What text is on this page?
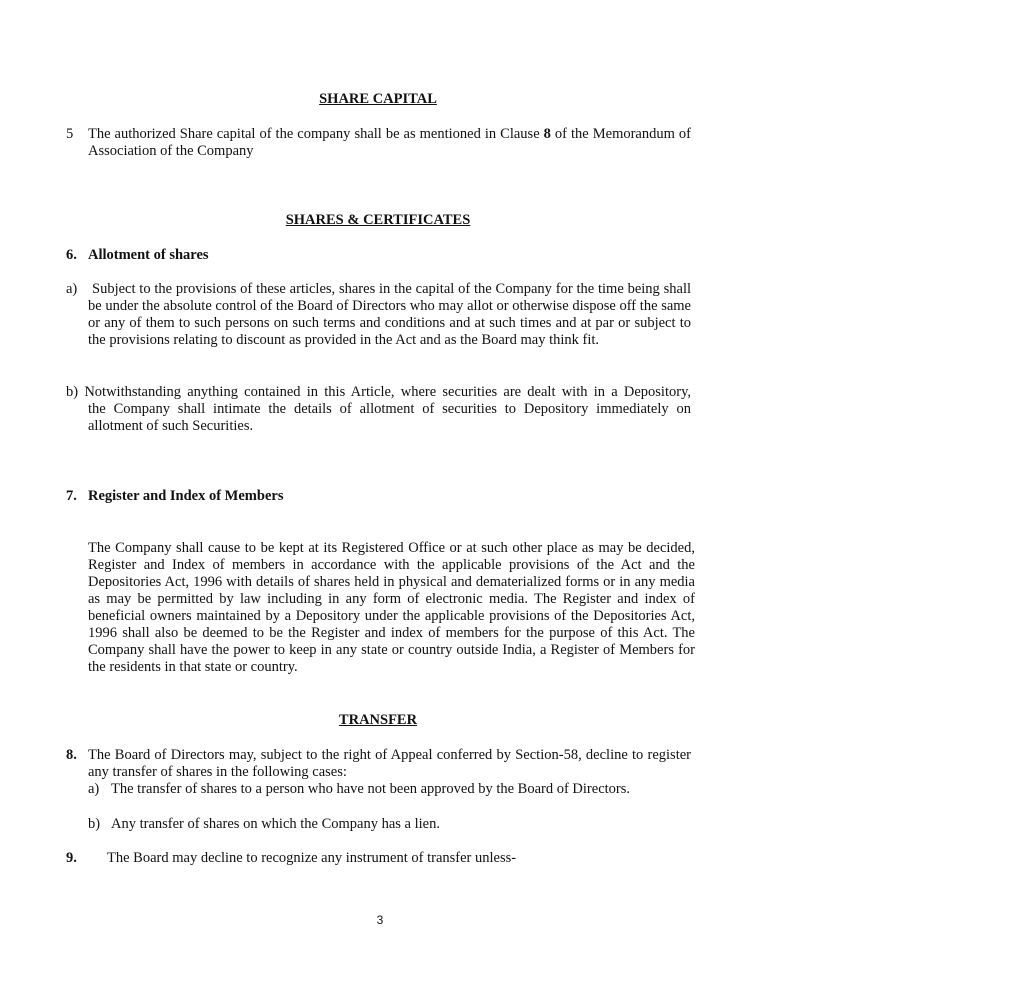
SHARE CAPITAL
5 The authorized Share capital of the company shall be as mentioned in Clause 8 of the Memorandum of Association of the Company
SHARES & CERTIFICATES
6. Allotment of shares
a) Subject to the provisions of these articles, shares in the capital of the Company for the time being shall be under the absolute control of the Board of Directors who may allot or otherwise dispose off the same or any of them to such persons on such terms and conditions and at such times and at par or subject to the provisions relating to discount as provided in the Act and as the Board may think fit.
b) Notwithstanding anything contained in this Article, where securities are dealt with in a Depository,
the Company shall intimate the details of allotment of securities to Depository immediately on allotment of such Securities.
7. Register and Index of Members
The Company shall cause to be kept at its Registered Office or at such other place as may be decided, Register and Index of members in accordance with the applicable provisions of the Act and the Depositories Act, 1996 with details of shares held in physical and dematerialized forms or in any media as may be permitted by law including in any form of electronic media. The Register and index of beneficial owners maintained by a Depository under the applicable provisions of the Depositories Act, 1996 shall also be deemed to be the Register and index of members for the purpose of this Act. The Company shall have the power to keep in any state or country outside India, a Register of Members for the residents in that state or country.
TRANSFER
8. The Board of Directors may, subject to the right of Appeal conferred by Section-58, decline to register any transfer of shares in the following cases:
a) The transfer of shares to a person who have not been approved by the Board of Directors.
b) Any transfer of shares on which the Company has a lien.
9. The Board may decline to recognize any instrument of transfer unless-
3
